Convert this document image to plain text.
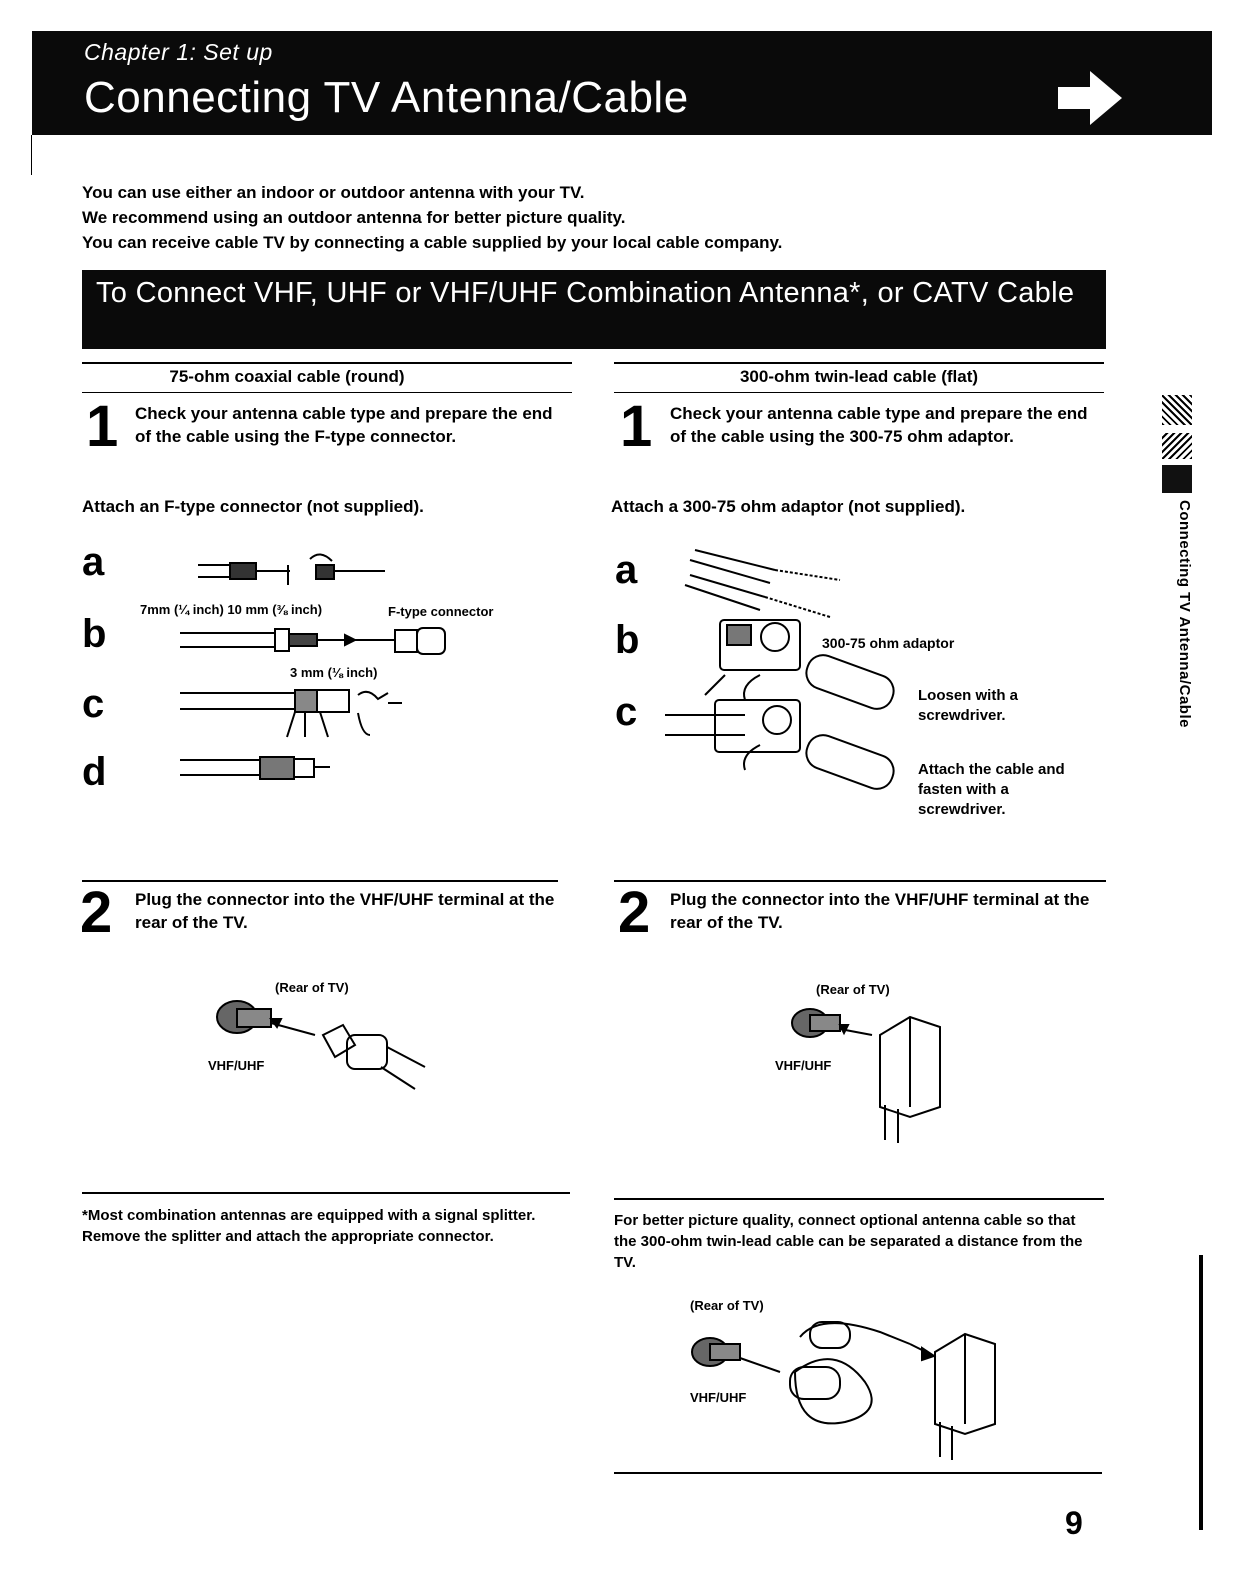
Chapter 1: Set up
Connecting TV Antenna/Cable
You can use either an indoor or outdoor antenna with your TV.
We recommend using an outdoor antenna for better picture quality.
You can receive cable TV by connecting a cable supplied by your local cable company.
To Connect VHF, UHF or VHF/UHF Combination Antenna*, or CATV Cable
75-ohm coaxial cable (round)
1 Check your antenna cable type and prepare the end of the cable using the F-type connector.
Attach an F-type connector (not supplied).
a
b
c
d
7mm (¼ inch) 10 mm (⅜ inch)	F-type connector
3 mm (⅛ inch)
2 Plug the connector into the VHF/UHF terminal at the rear of the TV.
(Rear of TV)
VHF/UHF
*Most combination antennas are equipped with a signal splitter. Remove the splitter and attach the appropriate connector.
300-ohm twin-lead cable (flat)
1 Check your antenna cable type and prepare the end of the cable using the 300-75 ohm adaptor.
Attach a 300-75 ohm adaptor (not supplied).
a
b
c
300-75 ohm adaptor
Loosen with a screwdriver.
Attach the cable and fasten with a screwdriver.
2 Plug the connector into the VHF/UHF terminal at the rear of the TV.
(Rear of TV)
VHF/UHF
For better picture quality, connect optional antenna cable so that the 300-ohm twin-lead cable can be separated a distance from the TV.
(Rear of TV)
VHF/UHF
Connecting TV Antenna/Cable
9
